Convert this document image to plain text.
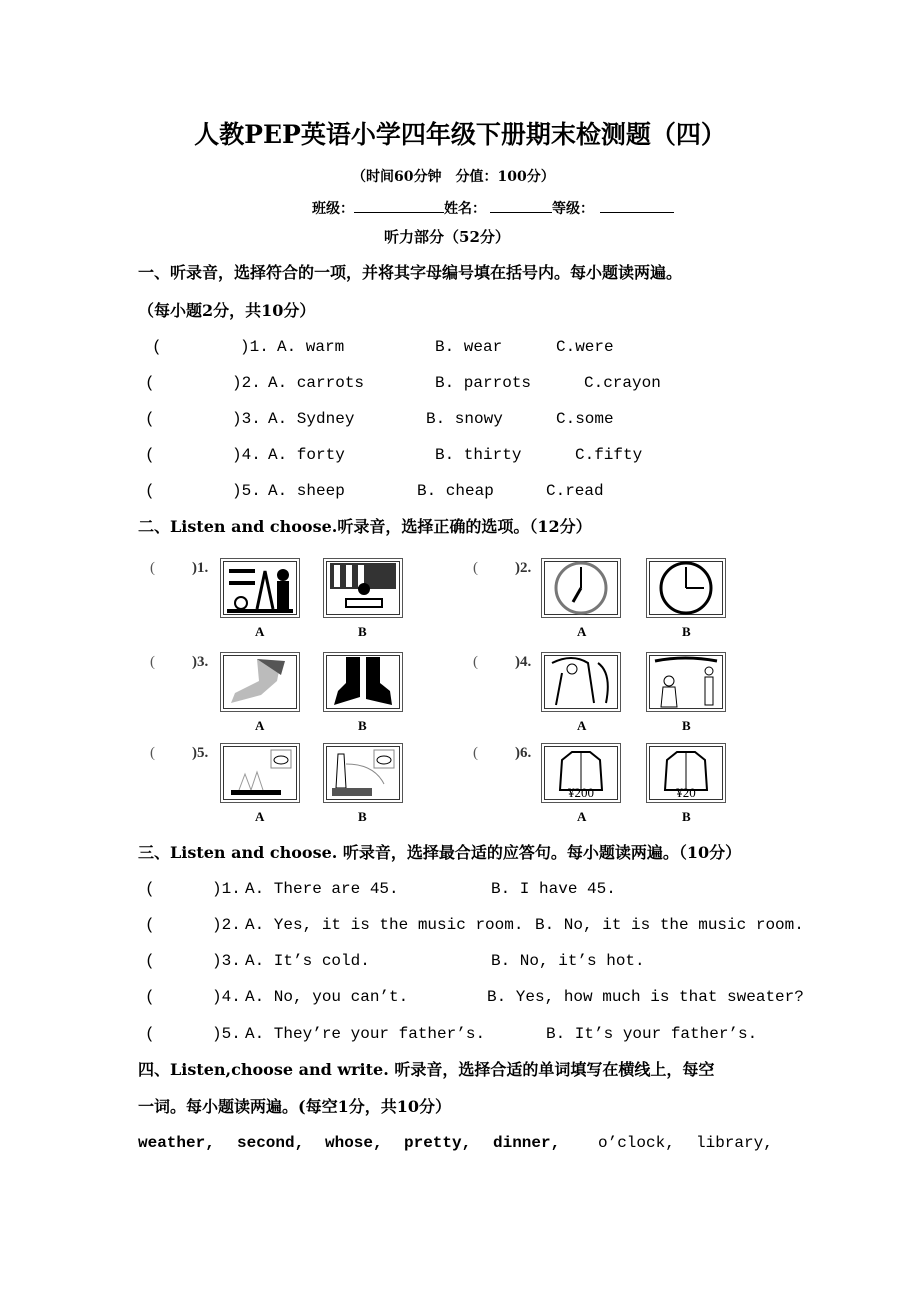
人教PEP英语小学四年级下册期末检测题（四）
（时间60分钟　分值：100分）
班级：	姓名：	等级：
听力部分（52分）
一、听录音，选择符合的一项，并将其字母编号填在括号内。每小题读两遍。
（每小题2分，共10分）
(	)1. A. warm	B. wear	C.were
(	)2. A. carrots	B. parrots	C.crayon
(	)3. A. Sydney	B. snowy	C.some
(	)4. A. forty	B. thirty	C.fifty
(	)5. A. sheep	B. cheap	C.read
二、Listen and choose.听录音，选择正确的选项。（12分）
( )1.
A	B
( )2.
A	B
( )3.
A	B
( )4.
A	B
( )5.
A	B
( )6.
¥200
A
¥20
B
三、Listen and choose. 听录音，选择最合适的应答句。每小题读两遍。（10分）
(	)1. A. There are 45.	B. I have 45.
(	)2. A. Yes, it is the music room. B. No, it is the music room.
(	)3. A. It’s cold.	B. No, it’s hot.
(	)4. A. No, you can’t.	B. Yes, how much is that sweater?
(	)5. A. They’re your father’s.	B. It’s your father’s.
四、Listen,choose and write. 听录音，选择合适的单词填写在横线上，每空
一词。每小题读两遍。(每空1分，共10分）
weather, second, whose, pretty, dinner, o’clock, library,
